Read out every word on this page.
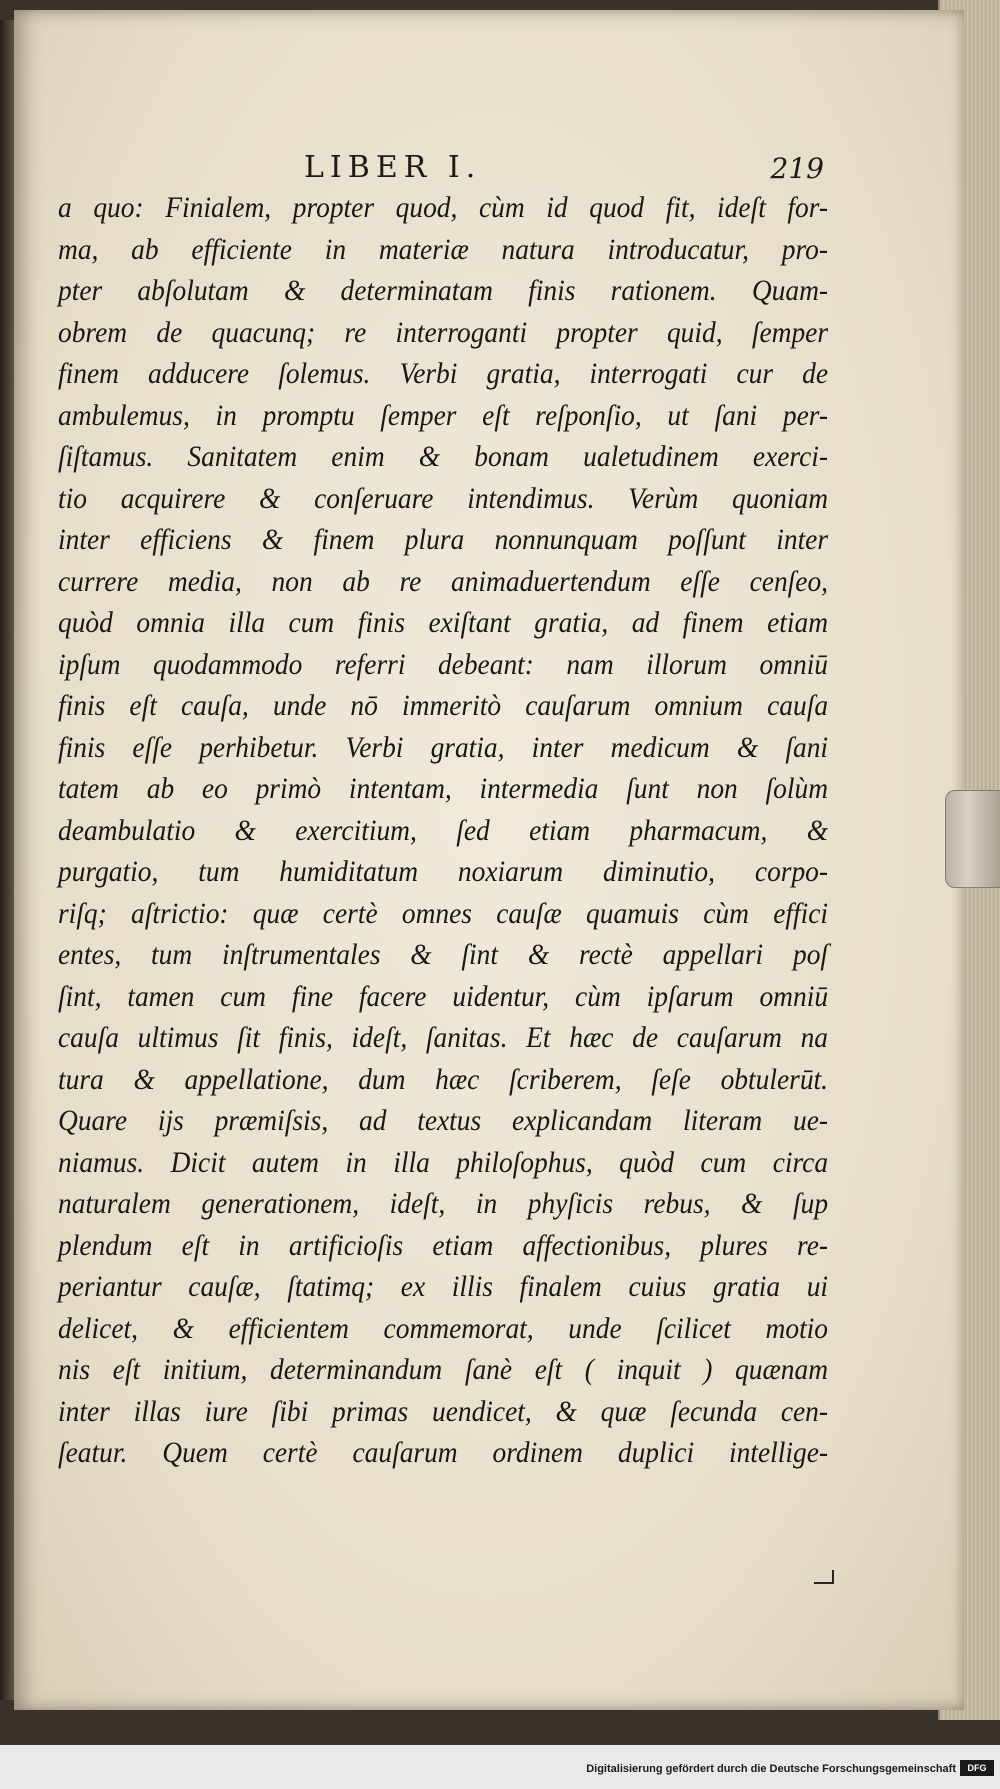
LIBER I.	219
a quo: Finialem, propter quod, cùm id quod fit, ideſt for-
ma, ab efficiente in materiæ natura introducatur, pro-
pter abſolutam & determinatam finis rationem. Quam-
obrem de quacunq; re interroganti propter quid, ſemper
finem adducere ſolemus. Verbi gratia, interrogati cur de
ambulemus, in promptu ſemper eſt reſponſio, ut ſani per-
ſiſtamus. Sanitatem enim & bonam ualetudinem exerci-
tio acquirere & conſeruare intendimus. Verùm quoniam
inter efficiens & finem plura nonnunquam poſſunt inter
currere media, non ab re animaduertendum eſſe cenſeo,
quòd omnia illa cum finis exiſtant gratia, ad finem etiam
ipſum quodammodo referri debeant: nam illorum omniū
finis eſt cauſa, unde nō immeritò cauſarum omnium cauſa
finis eſſe perhibetur. Verbi gratia, inter medicum & ſani
tatem ab eo primò intentam, intermedia ſunt non ſolùm
deambulatio & exercitium, ſed etiam pharmacum, &
purgatio, tum humiditatum noxiarum diminutio, corpo-
riſq; aſtrictio: quæ certè omnes cauſæ quamuis cùm effici
entes, tum inſtrumentales & ſint & rectè appellari poſ
ſint, tamen cum fine facere uidentur, cùm ipſarum omniū
cauſa ultimus ſit finis, ideſt, ſanitas. Et hæc de cauſarum na
tura & appellatione, dum hæc ſcriberem, ſeſe obtulerūt.
Quare ijs præmiſsis, ad textus explicandam literam ue-
niamus. Dicit autem in illa philoſophus, quòd cum circa
naturalem generationem, ideſt, in phyſicis rebus, & ſup
plendum eſt in artificioſis etiam affectionibus, plures re-
periantur cauſæ, ſtatimq; ex illis finalem cuius gratia ui
delicet, & efficientem commemorat, unde ſcilicet motio
nis eſt initium, determinandum ſanè eſt ( inquit ) quænam
inter illas iure ſibi primas uendicet, & quæ ſecunda cen-
ſeatur. Quem certè cauſarum ordinem duplici intellige-
Digitalisierung gefördert durch die Deutsche Forschungsgemeinschaft	DFG
